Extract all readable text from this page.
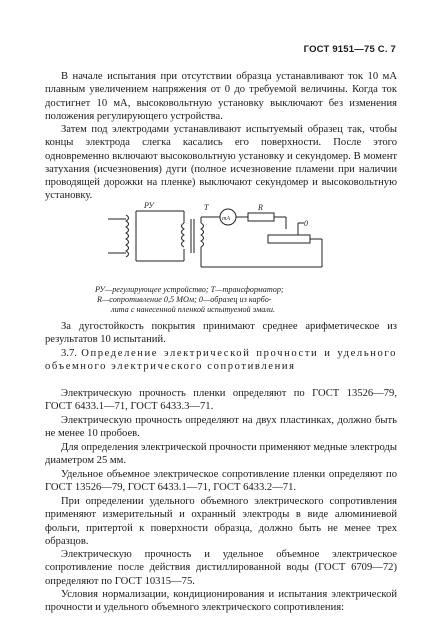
ГОСТ 9151—75 С. 7

В начале испытания при отсутствии образца устанавливают ток 10 мА плавным увеличением напряжения от 0 до требуемой величины. Когда ток достигнет 10 мА, высоковольтную установку выключают без изменения положения регулирующего устройства.

Затем под электродами устанавливают испытуемый образец так, чтобы концы электрода слегка касались его поверхности. После этого одновременно включают высоковольтную установку и секундомер. В момент затухания (исчезновения) дуги (полное исчезновение пламени при наличии проводящей дорожки на пленке) выключают секундомер и высоковольтную установку.

РУ	Т
mA
R
0

РУ—регулирующее устройство; Т—трансформатор;

R—сопротивление 0,5 МОм; 0—образец из карбо-

лита с нанесенной пленкой испытуемой эмали.

За дугостойкость покрытия принимают среднее арифметическое из результатов 10 испытаний.

3.7. Определение электрической прочности и удельного объемного электрического сопротивления

Электрическую прочность пленки определяют по ГОСТ 13526—79, ГОСТ 6433.1—71, ГОСТ 6433.3—71.

Электрическую прочность определяют на двух пластинках, должно быть не менее 10 пробоев.

Для определения электрической прочности применяют медные электроды диаметром 25 мм.

Удельное объемное электрическое сопротивление пленки определяют по ГОСТ 13526—79, ГОСТ 6433.1—71, ГОСТ 6433.2—71.

При определении удельного объемного электрического сопротивления применяют измерительный и охранный электроды в виде алюминиевой фольги, притертой к поверхности образца, должно быть не менее трех образцов.

Электрическую прочность и удельное объемное электрическое сопротивление после действия дистиллированной воды (ГОСТ 6709—72) определяют по ГОСТ 10315—75.

Условия нормализации, кондиционирования и испытания электрической прочности и удельного объемного электрического сопротивления:
